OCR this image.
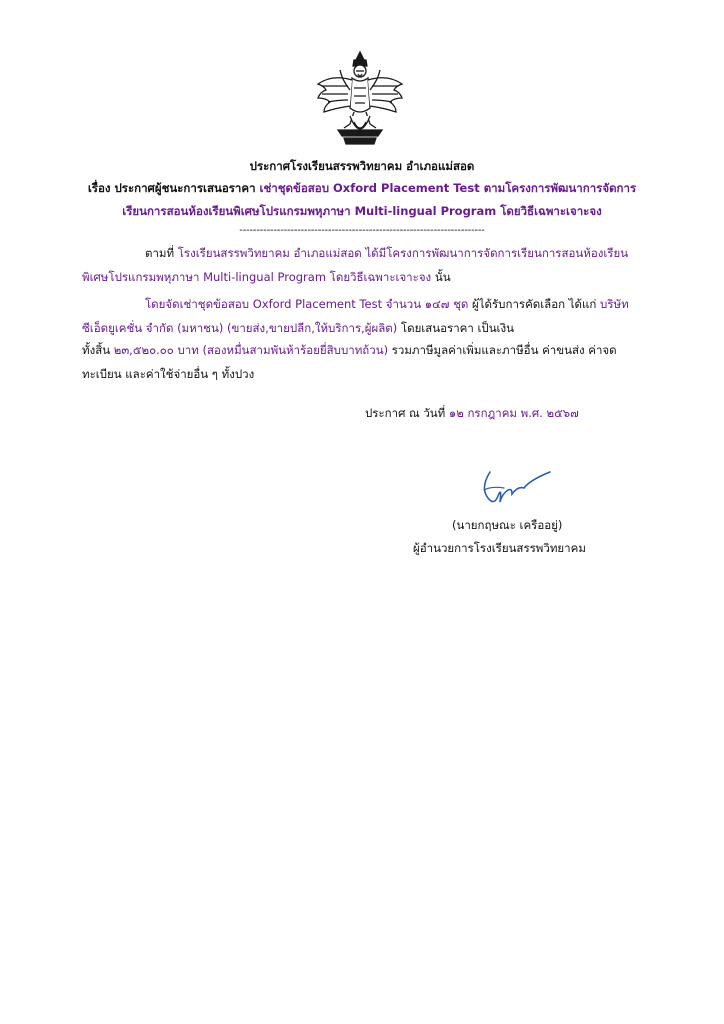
ประกาศโรงเรียนสรรพวิทยาคม อำเภอแม่สอด
เรื่อง ประกาศผู้ชนะการเสนอราคา เช่าชุดข้อสอบ Oxford Placement Test ตามโครงการพัฒนาการจัดการ
เรียนการสอนห้องเรียนพิเศษโปรแกรมพหุภาษา Multi-lingual Program โดยวิธีเฉพาะเจาะจง
------------------------------------------------------------------------
ตามที่ โรงเรียนสรรพวิทยาคม อำเภอแม่สอด ได้มีโครงการพัฒนาการจัดการเรียนการสอนห้องเรียน
พิเศษโปรแกรมพหุภาษา Multi-lingual Program โดยวิธีเฉพาะเจาะจง นั้น
โดยจัดเช่าชุดข้อสอบ Oxford Placement Test จำนวน ๑๔๗ ชุด ผู้ได้รับการคัดเลือก ได้แก่ บริษัท
ซีเอ็ดยูเคชั่น จำกัด (มหาชน) (ขายส่ง,ขายปลีก,ให้บริการ,ผู้ผลิต) โดยเสนอราคา เป็นเงิน
ทั้งสิ้น ๒๓,๕๒๐.๐๐ บาท (สองหมื่นสามพันห้าร้อยยี่สิบบาทถ้วน) รวมภาษีมูลค่าเพิ่มและภาษีอื่น ค่าขนส่ง ค่าจด
ทะเบียน และค่าใช้จ่ายอื่น ๆ ทั้งปวง
ประกาศ ณ วันที่ ๑๒ กรกฎาคม พ.ศ. ๒๕๖๗
(นายกฤษณะ เครืออยู่)
ผู้อำนวยการโรงเรียนสรรพวิทยาคม
